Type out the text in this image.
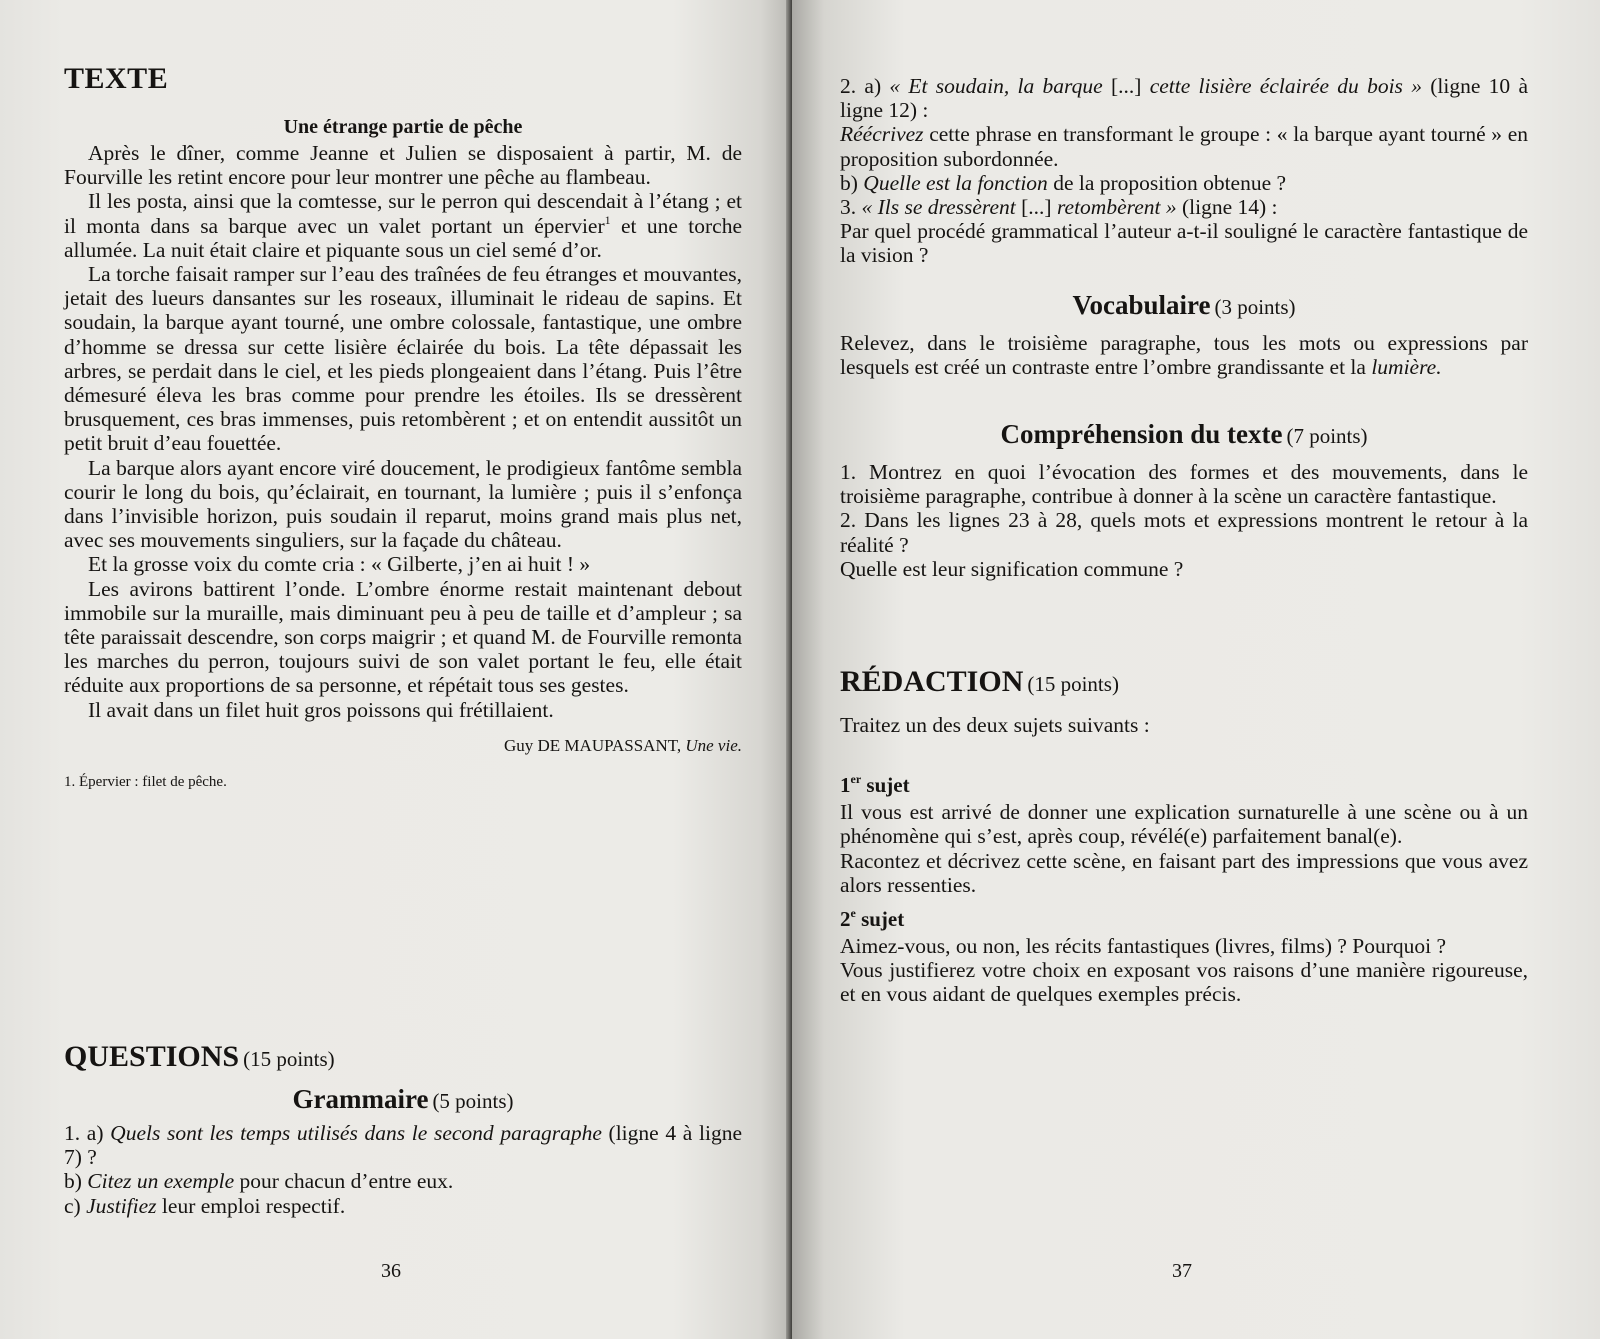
TEXTE
Une étrange partie de pêche

Après le dîner, comme Jeanne et Julien se disposaient à partir, M. de Fourville les retint encore pour leur montrer une pêche au flambeau.

Il les posta, ainsi que la comtesse, sur le perron qui descendait à l’étang ; et il monta dans sa barque avec un valet portant un épervier$^1$ et une torche allumée. La nuit était claire et piquante sous un ciel semé d’or.

La torche faisait ramper sur l’eau des traînées de feu étranges et mouvantes, jetait des lueurs dansantes sur les roseaux, illuminait le rideau de sapins. Et soudain, la barque ayant tourné, une ombre colossale, fantastique, une ombre d’homme se dressa sur cette lisière éclairée du bois. La tête dépassait les arbres, se perdait dans le ciel, et les pieds plongeaient dans l’étang. Puis l’être démesuré éleva les bras comme pour prendre les étoiles. Ils se dressèrent brusquement, ces bras immenses, puis retombèrent ; et on entendit aussitôt un petit bruit d’eau fouettée.

La barque alors ayant encore viré doucement, le prodigieux fantôme sembla courir le long du bois, qu’éclairait, en tournant, la lumière ; puis il s’enfonça dans l’invisible horizon, puis soudain il reparut, moins grand mais plus net, avec ses mouvements singuliers, sur la façade du château.

Et la grosse voix du comte cria : « Gilberte, j’en ai huit ! »

Les avirons battirent l’onde. L’ombre énorme restait maintenant debout immobile sur la muraille, mais diminuant peu à peu de taille et d’ampleur ; sa tête paraissait descendre, son corps maigrir ; et quand M. de Fourville remonta les marches du perron, toujours suivi de son valet portant le feu, elle était réduite aux proportions de sa personne, et répétait tous ses gestes.

Il avait dans un filet huit gros poissons qui frétillaient.

Guy DE MAUPASSANT, Une vie.
1. Épervier : filet de pêche.
QUESTIONS (15 points)
Grammaire (5 points)

1. a) Quels sont les temps utilisés dans le second paragraphe (ligne 4 à ligne 7) ?

b) Citez un exemple pour chacun d’entre eux.

c) Justifiez leur emploi respectif.

36

2. a) « Et soudain, la barque [...] cette lisière éclairée du bois » (ligne 10 à ligne 12) :

Réécrivez cette phrase en transformant le groupe : « la barque ayant tourné » en proposition subordonnée.

b) Quelle est la fonction de la proposition obtenue ?

3. « Ils se dressèrent [...] retombèrent » (ligne 14) :

Par quel procédé grammatical l’auteur a-t-il souligné le caractère fantastique de la vision ?

Vocabulaire (3 points)
Relevez, dans le troisième paragraphe, tous les mots ou expressions par lesquels est créé un contraste entre l’ombre grandissante et la lumière.
Compréhension du texte (7 points)

1. Montrez en quoi l’évocation des formes et des mouvements, dans le troisième paragraphe, contribue à donner à la scène un caractère fantastique.

2. Dans les lignes 23 à 28, quels mots et expressions montrent le retour à la réalité ?

Quelle est leur signification commune ?

RÉDACTION (15 points)
Traitez un des deux sujets suivants :
1er sujet

Il vous est arrivé de donner une explication surnaturelle à une scène ou à un phénomène qui s’est, après coup, révélé(e) parfaitement banal(e).

Racontez et décrivez cette scène, en faisant part des impressions que vous avez alors ressenties.

2e sujet

Aimez-vous, ou non, les récits fantastiques (livres, films) ? Pourquoi ?

Vous justifierez votre choix en exposant vos raisons d’une manière rigoureuse, et en vous aidant de quelques exemples précis.

37
